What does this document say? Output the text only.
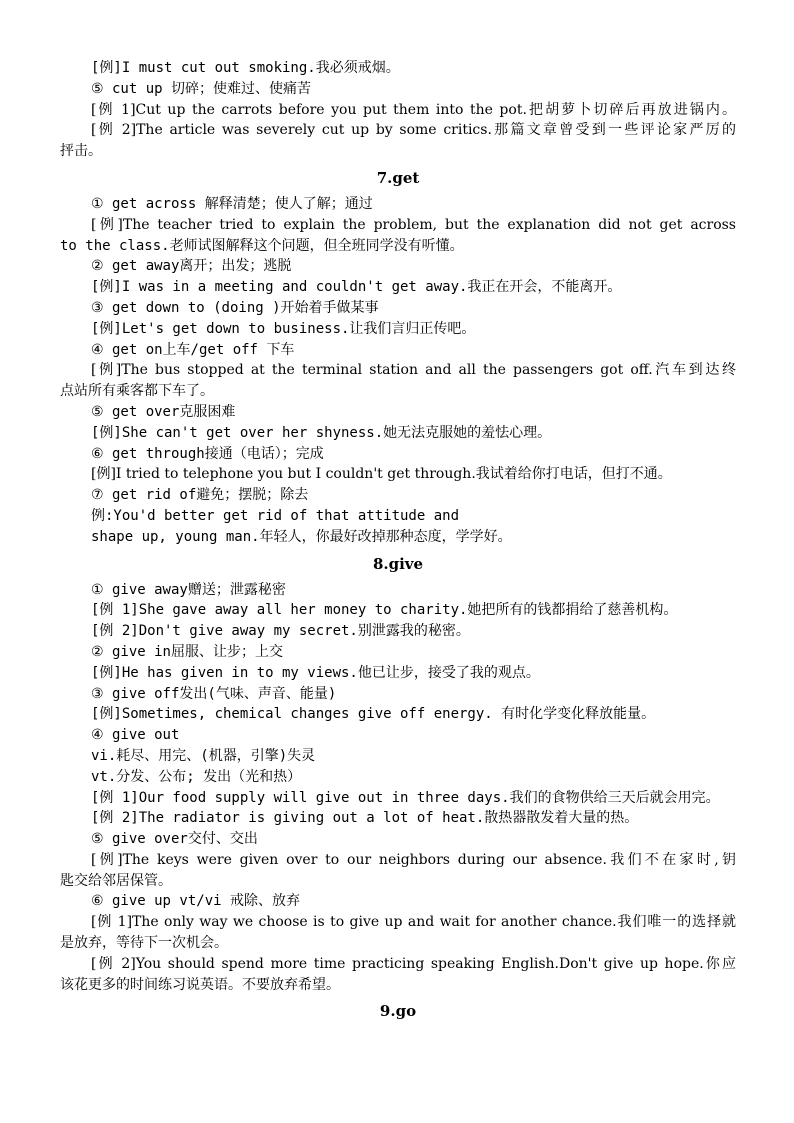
[例]I must cut out smoking.我必须戒烟。
⑤ cut up 切碎；使难过、使痛苦
[例 1]Cut up the carrots before you put them into the pot.把胡萝卜切碎后再放进锅内。
[例 2]The article was severely cut up by some critics.那篇文章曾受到一些评论家严厉的
抨击。
7.get
① get across 解释清楚；使人了解；通过
[例]The teacher tried to explain the problem, but the explanation did not get across
to the class.老师试图解释这个问题，但全班同学没有听懂。
② get away离开；出发；逃脱
[例]I was in a meeting and couldn't get away.我正在开会，不能离开。
③ get down to (doing )开始着手做某事
[例]Let's get down to business.让我们言归正传吧。
④ get on上车/get off 下车
[例]The bus stopped at the terminal station and all the passengers got off.汽车到达终
点站所有乘客都下车了。
⑤ get over克服困难
[例]She can't get over her shyness.她无法克服她的羞怯心理。
⑥ get through接通（电话）；完成
[例]I tried to telephone you but I couldn't get through.我试着给你打电话，但打不通。
⑦ get rid of避免；摆脱；除去
例:You'd better get rid of that attitude and
shape up, young man.年轻人，你最好改掉那种态度，学学好。
8.give
① give away赠送；泄露秘密
[例 1]She gave away all her money to charity.她把所有的钱都捐给了慈善机构。
[例 2]Don't give away my secret.别泄露我的秘密。
② give in屈服、让步；上交
[例]He has given in to my views.他已让步，接受了我的观点。
③ give off发出(气味、声音、能量)
[例]Sometimes, chemical changes give off energy. 有时化学变化释放能量。
④ give out
vi.耗尽、用完、(机器，引擎)失灵
vt.分发、公布; 发出（光和热）
[例 1]Our food supply will give out in three days.我们的食物供给三天后就会用完。
[例 2]The radiator is giving out a lot of heat.散热器散发着大量的热。
⑤ give over交付、交出
[例]The keys were given over to our neighbors during our absence.我们不在家时,钥
匙交给邻居保管。
⑥ give up vt/vi 戒除、放弃
[例 1]The only way we choose is to give up and wait for another chance.我们唯一的选择就
是放弃，等待下一次机会。
[例 2]You should spend more time practicing speaking English.Don't give up hope.你应
该花更多的时间练习说英语。不要放弃希望。
9.go
